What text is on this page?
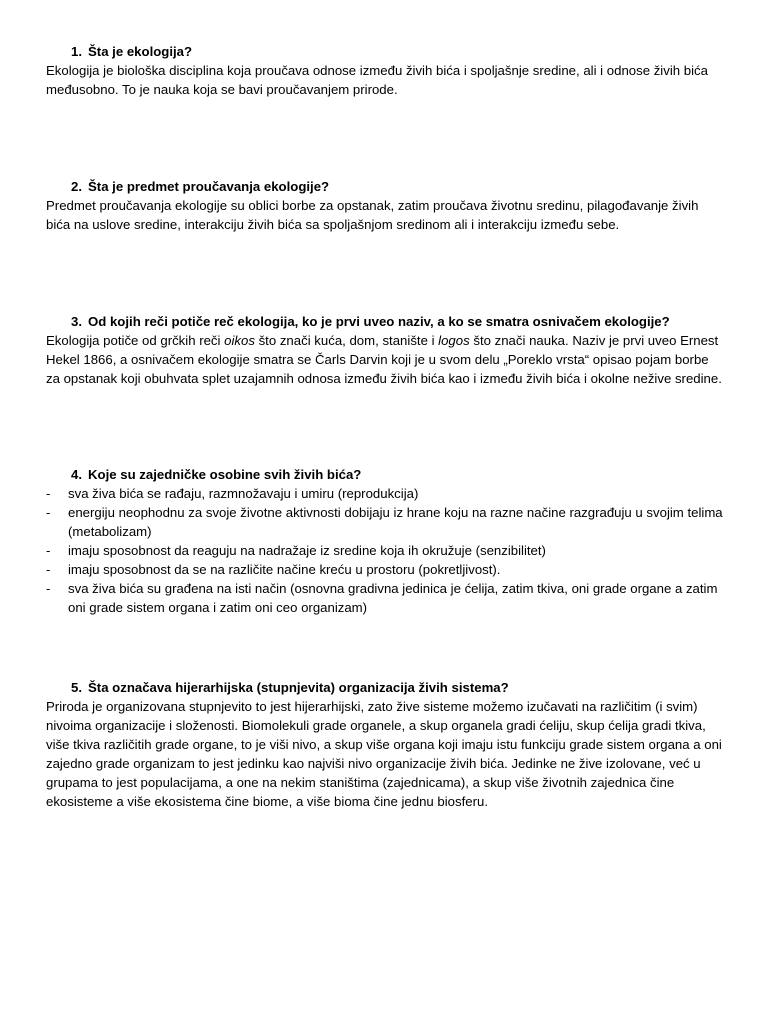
1. Šta je ekologija?

Ekologija je biološka disciplina koja proučava odnose između živih bića i spoljašnje sredine, ali i odnose živih bića međusobno. To je nauka koja se bavi proučavanjem prirode.

2. Šta je predmet proučavanja ekologije?

Predmet proučavanja ekologije su oblici borbe za opstanak, zatim proučava životnu sredinu, pilagođavanje živih bića na uslove sredine, interakciju živih bića sa spoljašnjom sredinom ali i interakciju između sebe.

3. Od kojih reči potiče reč ekologija, ko je prvi uveo naziv, a ko se smatra osnivačem ekologije?

Ekologija potiče od grčkih reči oikos što znači kuća, dom, stanište i logos što znači nauka. Naziv je prvi uveo Ernest Hekel 1866, a osnivačem ekologije smatra se Čarls Darvin koji je u svom delu „Poreklo vrsta“ opisao pojam borbe za opstanak koji obuhvata splet uzajamnih odnosa između živih bića kao i između živih bića i okolne nežive sredine.

4. Koje su zajedničke osobine svih živih bića?
-	sva živa bića se rađaju, razmnožavaju i umiru (reprodukcija)
-	energiju neophodnu za svoje životne aktivnosti dobijaju iz hrane koju na razne načine razgrađuju u svojim telima (metabolizam)
-	imaju sposobnost da reaguju na nadražaje iz sredine koja ih okružuje (senzibilitet)
-	imaju sposobnost da se na različite načine kreću u prostoru (pokretljivost).
-	sva živa bića su građena na isti način (osnovna gradivna jedinica je ćelija, zatim tkiva, oni grade organe a zatim oni grade sistem organa i zatim oni ceo organizam)
5. Šta označava hijerarhijska (stupnjevita) organizacija živih sistema?

Priroda je organizovana stupnjevito to jest hijerarhijski, zato žive sisteme možemo izučavati na različitim (i svim) nivoima organizacije i složenosti. Biomolekuli grade organele, a skup organela gradi ćeliju, skup ćelija gradi tkiva, više tkiva različitih grade organe, to je viši nivo, a skup više organa koji imaju istu funkciju grade sistem organa a oni zajedno grade organizam to jest jedinku kao najviši nivo organizacije živih bića. Jedinke ne žive izolovane, već u grupama to jest populacijama, a one na nekim staništima (zajednicama), a skup više životnih zajednica čine ekosisteme a više ekosistema čine biome, a više bioma čine jednu biosferu.
